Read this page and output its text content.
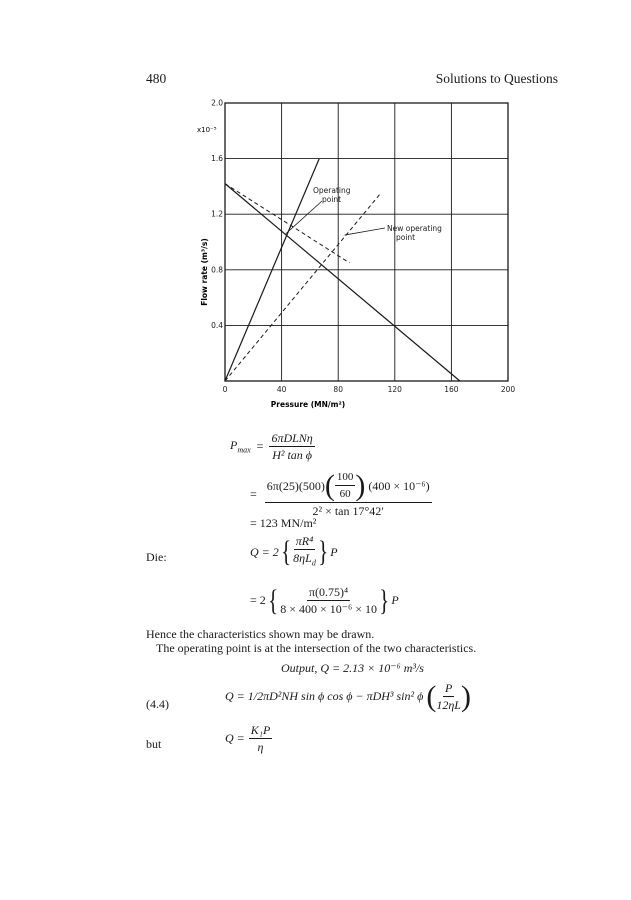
480	Solutions to Questions
0	40	80	120	160	200
0.4
0.8
1.2
1.6
2.0
x10⁻⁵
Pressure (MN/m²)
Flow rate (m³/s)
Operating point
New operating point
$P_{max} = \frac{\text{6πDLNη}}{\text{H² tan ϕ}}$
=
6π(25)(500) ( $\frac{100}{60}$ ) (400 × 10⁻⁶)
2² × tan 17°42′
= 123 MN/m²
Die:	Q = 2 { $\frac{\text{πR⁴}}{8\eta L_d}$ } P
= 2 { $\frac{\text{π(0.75)⁴}}{\text{8 × 400 × 10⁻⁶ × 10}}$ } P
Hence the characteristics shown may be drawn.
The operating point is at the intersection of the two characteristics.
Output, Q = 2.13 × 10⁻⁶ m³/s
(4.4)
Q = 1/2πD²NH sin ϕ cos ϕ − πDH³ sin² ϕ ( $\frac{P}{12\eta L}$ )
but	$Q = \frac{\text{K₁P}}{\eta}$
